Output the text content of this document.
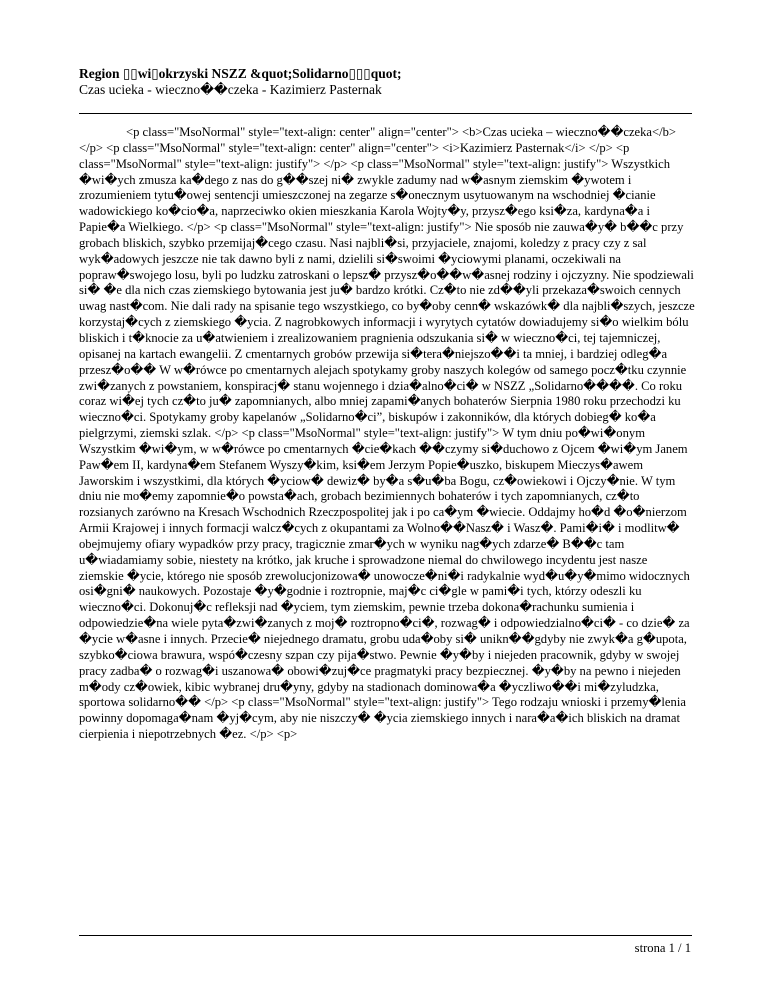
Region ▯▯wi▯okrzyski NSZZ &quot;Solidarno▯▯▯quot;
Czas ucieka - wieczno��czeka - Kazimierz Pasternak

<p class="MsoNormal" style="text-align: center" align="center"> <b>Czas ucieka – wieczno��czeka</b> </p> <p class="MsoNormal" style="text-align: center" align="center"> <i>Kazimierz Pasternak</i> </p> <p class="MsoNormal" style="text-align: justify"> </p> <p class="MsoNormal" style="text-align: justify"> Wszystkich �wi�ych zmusza ka�dego z nas do g��szej ni� zwykle zadumy nad w�asnym ziemskim �ywotem i zrozumieniem tytu�owej sentencji umieszczonej na zegarze s�onecznym usytuowanym na wschodniej �cianie wadowickiego ko�cio�a, naprzeciwko okien mieszkania Karola Wojty�y, przysz�ego ksi�za, kardyna�a i Papie�a Wielkiego. </p> <p class="MsoNormal" style="text-align: justify"> Nie sposób nie zauwa�y� b��c przy grobach bliskich, szybko przemijaj�cego czasu. Nasi najbli�si, przyjaciele, znajomi, koledzy z pracy czy z sal wyk�adowych jeszcze nie tak dawno byli z nami, dzielili si�swoimi �yciowymi planami, oczekiwali na popraw�swojego losu, byli po ludzku zatroskani o lepsz� przysz�o��w�asnej rodziny i ojczyzny. Nie spodziewali si� �e dla nich czas ziemskiego bytowania jest ju� bardzo krótki. Cz�to nie zd��yli przekaza�swoich cennych uwag nast�com. Nie dali rady na spisanie tego wszystkiego, co by�oby cenn� wskazówk� dla najbli�szych, jeszcze korzystaj�cych z ziemskiego �ycia. Z nagrobkowych informacji i wyrytych cytatów dowiadujemy si�o wielkim bólu bliskich i t�knocie za u�atwieniem i zrealizowaniem pragnienia odszukania si� w wieczno�ci, tej tajemniczej, opisanej na kartach ewangelii. Z cmentarnych grobów przewija si�tera�niejszo��i ta mniej, i bardziej odleg�a przesz�o�� W w�rówce po cmentarnych alejach spotykamy groby naszych kolegów od samego pocz�tku czynnie zwi�zanych z powstaniem, konspiracj� stanu wojennego i dzia�alno�ci� w NSZZ „Solidarno����. Co roku coraz wi�ej tych cz�to ju� zapomnianych, albo mniej zapami�anych bohaterów Sierpnia 1980 roku przechodzi ku wieczno�ci. Spotykamy groby kapelanów „Solidarno�ci”, biskupów i zakonników, dla których dobieg� ko�a pielgrzymi, ziemski szlak. </p> <p class="MsoNormal" style="text-align: justify"> W tym dniu po�wi�onym Wszystkim �wi�ym, w w�rówce po cmentarnych �cie�kach ��czymy si�duchowo z Ojcem �wi�ym Janem Paw�em II, kardyna�em Stefanem Wyszy�kim, ksi�em Jerzym Popie�uszko, biskupem Mieczys�awem Jaworskim i wszystkimi, dla których �yciow� dewiz� by�a s�u�ba Bogu, cz�owiekowi i Ojczy�nie. W tym dniu nie mo�emy zapomnie�o powsta�ach, grobach bezimiennych bohaterów i tych zapomnianych, cz�to rozsianych zarówno na Kresach Wschodnich Rzeczpospolitej jak i po ca�ym �wiecie. Oddajmy ho�d �o�nierzom Armii Krajowej i innych formacji walcz�cych z okupantami za Wolno��Nasz� i Wasz�. Pami�i� i modlitw� obejmujemy ofiary wypadków przy pracy, tragicznie zmar�ych w wyniku nag�ych zdarze� B��c tam u�wiadamiamy sobie, niestety na krótko, jak kruche i sprowadzone niemal do chwilowego incydentu jest nasze ziemskie �ycie, którego nie sposób zrewolucjonizowa� unowocze�ni�i radykalnie wyd�u�y�mimo widocznych osi�gni� naukowych. Pozostaje �y�godnie i roztropnie, maj�c ci�gle w pami�i tych, którzy odeszli ku wieczno�ci. Dokonuj�c refleksji nad �yciem, tym ziemskim, pewnie trzeba dokona�rachunku sumienia i odpowiedzie�na wiele pyta�zwi�zanych z moj� roztropno�ci�, rozwag� i odpowiedzialno�ci� - co dzie� za �ycie w�asne i innych. Przecie� niejednego dramatu, grobu uda�oby si� unikn��gdyby nie zwyk�a g�upota, szybko�ciowa brawura, wspó�czesny szpan czy pija�stwo. Pewnie �y�by i niejeden pracownik, gdyby w swojej pracy zadba� o rozwag�i uszanowa� obowi�zuj�ce pragmatyki pracy bezpiecznej. �y�by na pewno i niejeden m�ody cz�owiek, kibic wybranej dru�yny, gdyby na stadionach dominowa�a �yczliwo��i mi�zyludzka, sportowa solidarno�� </p> <p class="MsoNormal" style="text-align: justify"> Tego rodzaju wnioski i przemy�lenia powinny dopomaga�nam �yj�cym, aby nie niszczy� �ycia ziemskiego innych i nara�a�ich bliskich na dramat cierpienia i niepotrzebnych �ez. </p> <p>

strona 1 / 1
